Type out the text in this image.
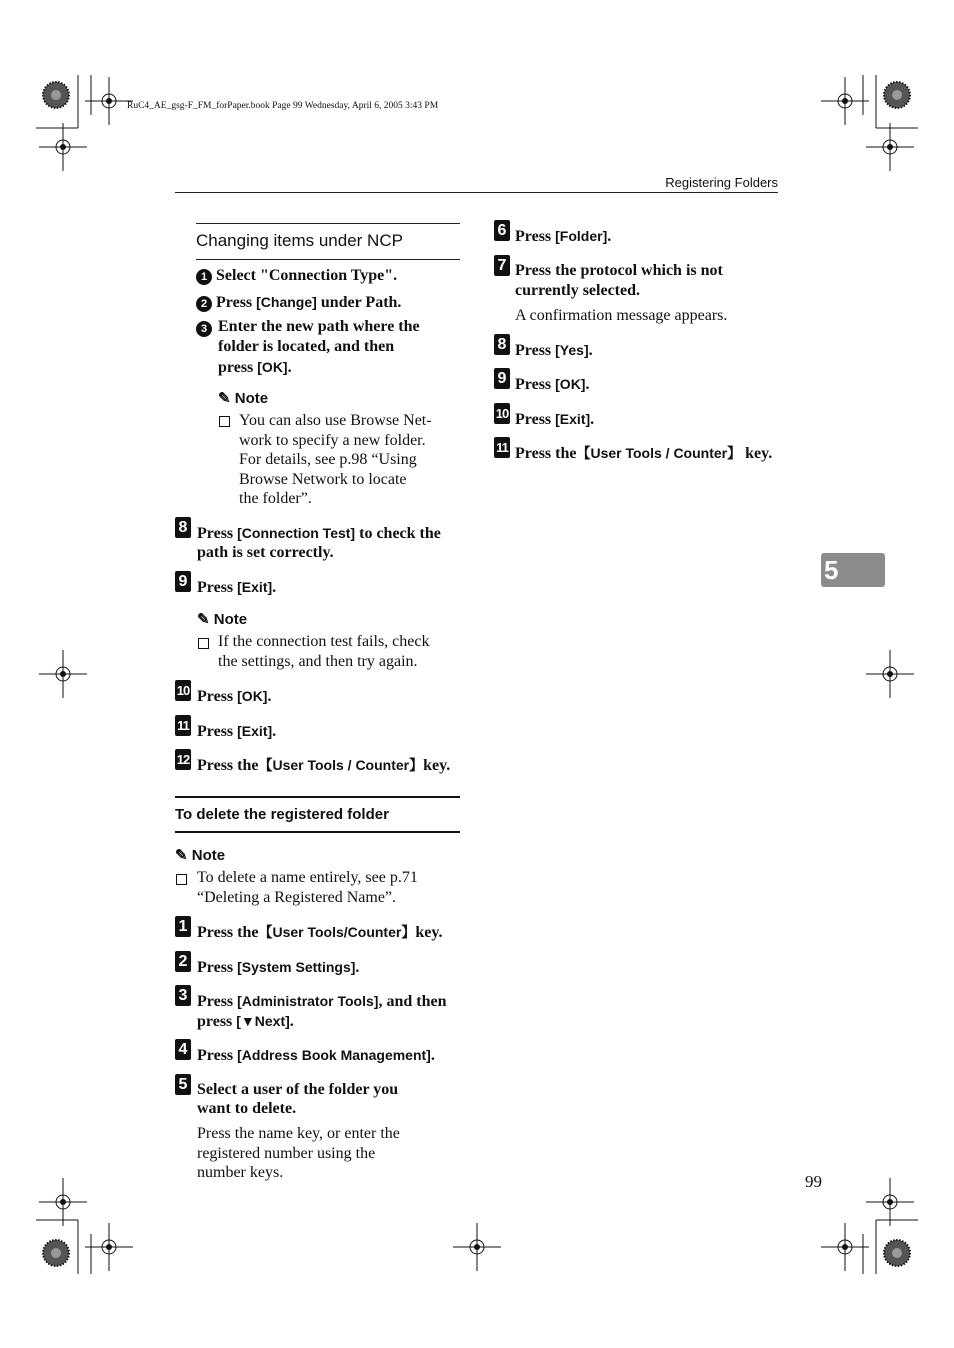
RuC4_AE_gsg-F_FM_forPaper.book Page 99 Wednesday, April 6, 2005 3:43 PM
Registering Folders
Changing items under NCP
1 Select "Connection Type".
2 Press [Change] under Path.
3 Enter the new path where the
folder is located, and then
press [OK].
✎ Note
You can also use Browse Net-
work to specify a new folder.
For details, see p.98 “Using
Browse Network to locate
the folder”.
8 Press [Connection Test] to check the
path is set correctly.
9 Press [Exit].
✎ Note
If the connection test fails, check
the settings, and then try again.
10 Press [OK].
11 Press [Exit].
12 Press the【User Tools / Counter】key.
To delete the registered folder
✎ Note
To delete a name entirely, see p.71
“Deleting a Registered Name”.
1 Press the【User Tools/Counter】key.
2 Press [System Settings].
3 Press [Administrator Tools], and then
press [▼Next].
4 Press [Address Book Management].
5 Select a user of the folder you
want to delete.
Press the name key, or enter the
registered number using the
number keys.
6 Press [Folder].
7 Press the protocol which is not
currently selected.
A confirmation message appears.
8 Press [Yes].
9 Press [OK].
10 Press [Exit].
11 Press the【User Tools / Counter】 key.
5
99
